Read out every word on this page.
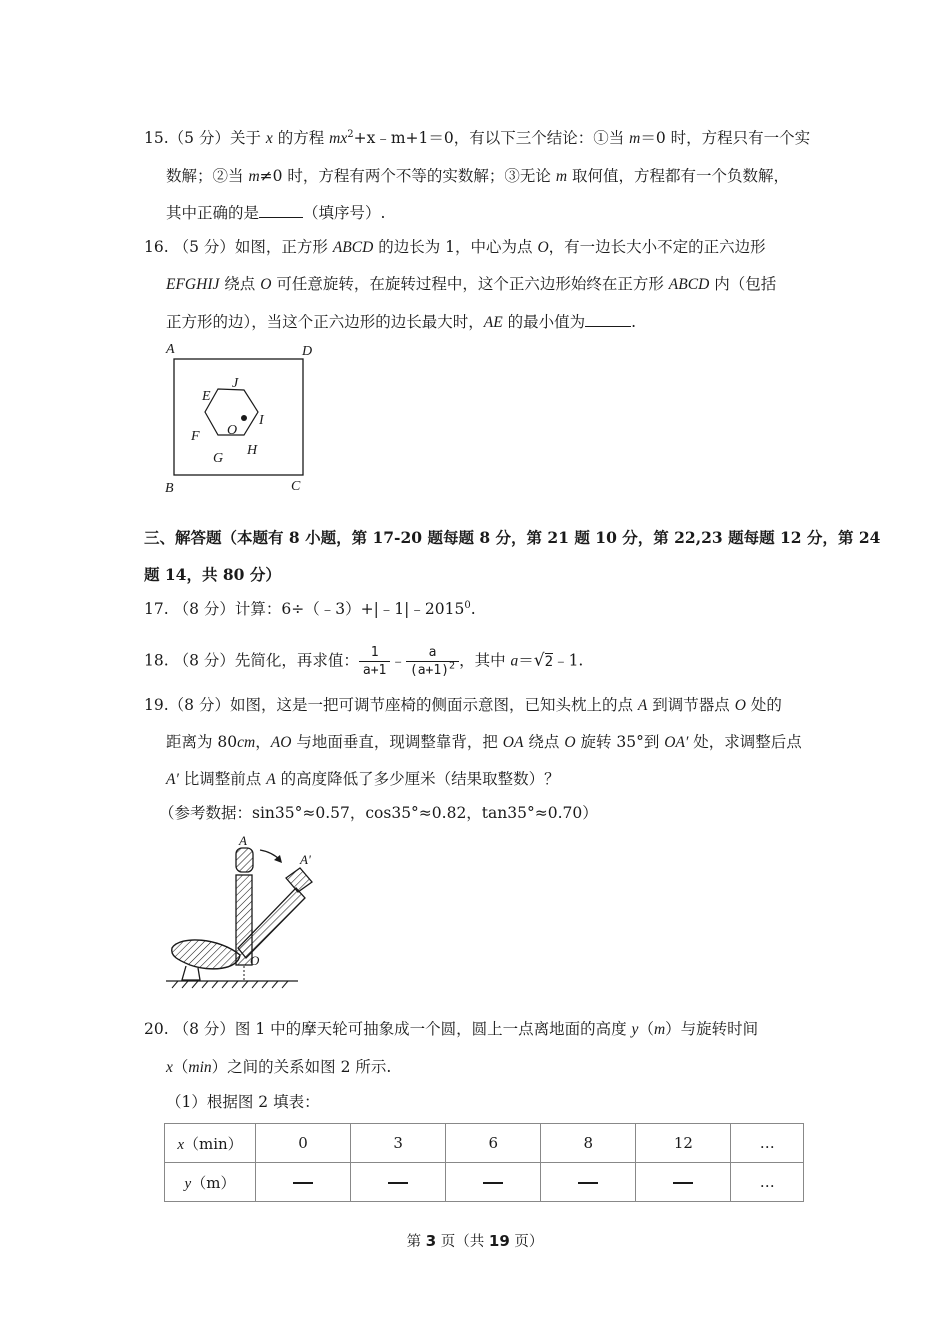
15.（5 分）关于 x 的方程 $mx^2+x﹣m+1=0$，有以下三个结论：①当 m＝0 时，方程只有一个实
数解；②当 m≠0 时，方程有两个不等的实数解；③无论 m 取何值，方程都有一个负数解，
其中正确的是	（填序号）.
16. （5 分）如图，正方形 ABCD 的边长为 1，中心为点 O，有一边长大小不定的正六边形
EFGHIJ 绕点 O 可任意旋转，在旋转过程中，这个正六边形始终在正方形 ABCD 内（包括
正方形的边），当这个正六边形的边长最大时，AE 的最小值为	.
A	D
B	C
E
J
I
O
F
H
G
三、解答题（本题有 8 小题，第 17-20 题每题 8 分，第 21 题 10 分，第 22,23 题每题 12 分，第 24
题 14，共 80 分）
17. （8 分）计算：$6\div(﹣3)+|﹣1|﹣2015^0$.
18. （8 分）先简化，再求值： $\frac{1}{a+1}$ ﹣ $\frac{a}{(a+1)^2}$ ，其中 a＝√2﹣1.
19.（8 分）如图，这是一把可调节座椅的侧面示意图，已知头枕上的点 A 到调节器点 O 处的
距离为 80cm，AO 与地面垂直，现调整靠背，把 OA 绕点 O 旋转 35°到 OA′ 处，求调整后点
A′ 比调整前点 A 的高度降低了多少厘米（结果取整数）？
（参考数据：sin35°≈0.57，cos35°≈0.82，tan35°≈0.70）
A
A'
O
20. （8 分）图 1 中的摩天轮可抽象成一个圆，圆上一点离地面的高度 y（m）与旋转时间
x（min）之间的关系如图 2 所示.
（1）根据图 2 填表：
x（min）	0	3	6	8	12	…
y（m）						…
第 3 页（共 19 页）
